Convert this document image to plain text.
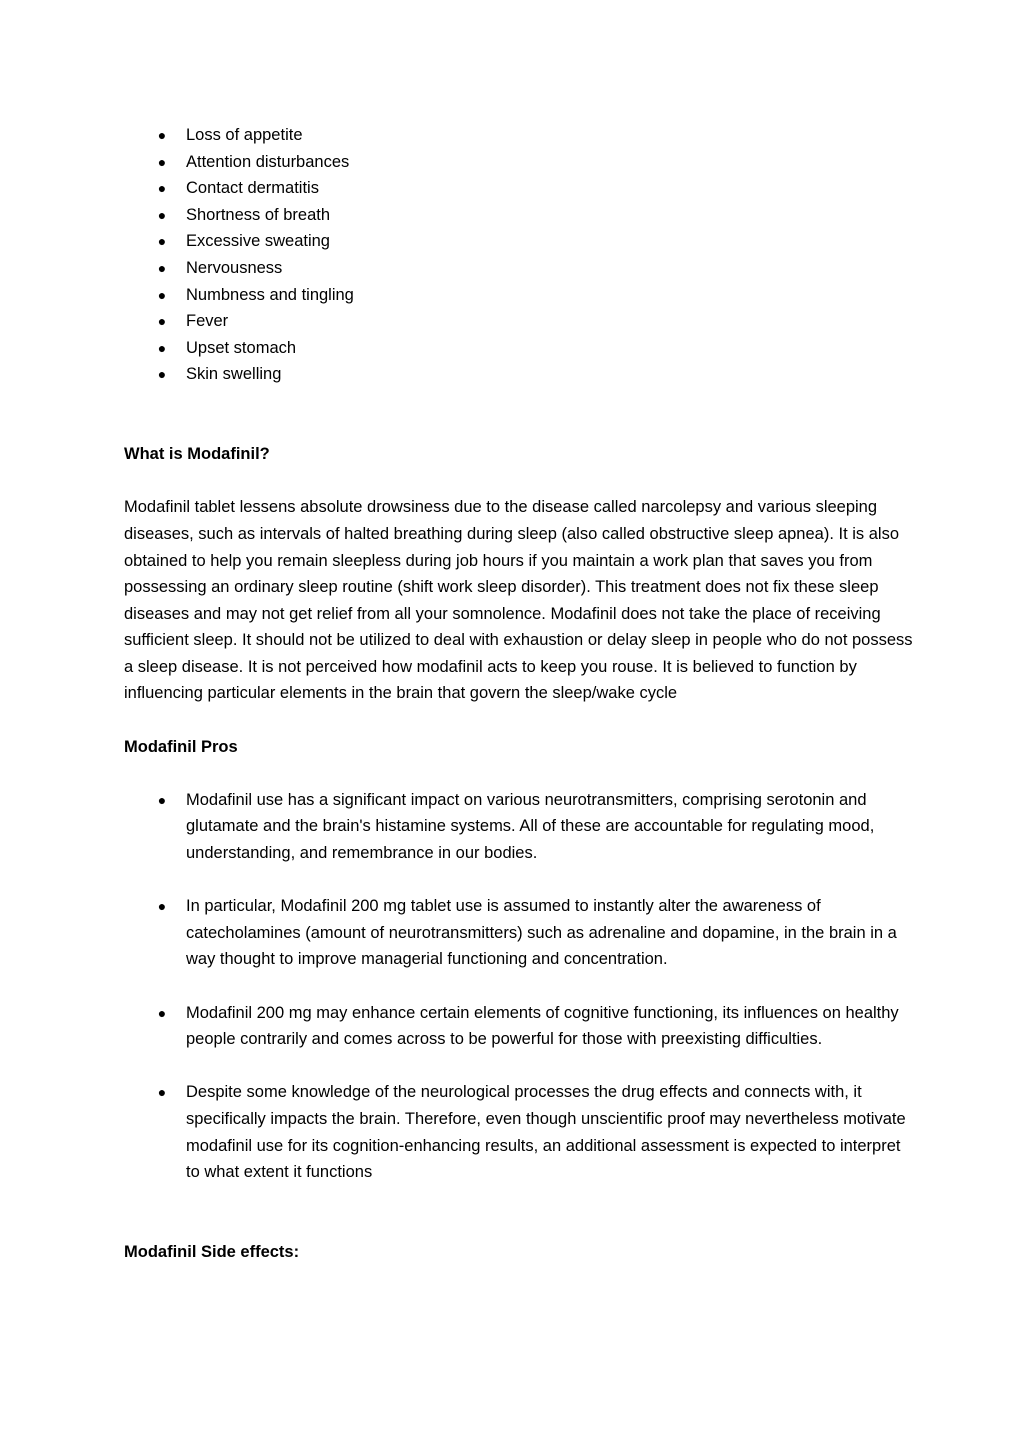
● Loss of appetite
● Attention disturbances
● Contact dermatitis
● Shortness of breath
● Excessive sweating
● Nervousness
● Numbness and tingling
● Fever
● Upset stomach
● Skin swelling
What is Modafinil?

Modafinil tablet lessens absolute drowsiness due to the disease called narcolepsy and various sleeping diseases, such as intervals of halted breathing during sleep (also called obstructive sleep apnea). It is also obtained to help you remain sleepless during job hours if you maintain a work plan that saves you from possessing an ordinary sleep routine (shift work sleep disorder). This treatment does not fix these sleep diseases and may not get relief from all your somnolence. Modafinil does not take the place of receiving sufficient sleep. It should not be utilized to deal with exhaustion or delay sleep in people who do not possess a sleep disease. It is not perceived how modafinil acts to keep you rouse. It is believed to function by influencing particular elements in the brain that govern the sleep/wake cycle

Modafinil Pros
● Modafinil use has a significant impact on various neurotransmitters, comprising serotonin and glutamate and the brain's histamine systems. All of these are accountable for regulating mood, understanding, and remembrance in our bodies.
● In particular, Modafinil 200 mg tablet use is assumed to instantly alter the awareness of catecholamines (amount of neurotransmitters) such as adrenaline and dopamine, in the brain in a way thought to improve managerial functioning and concentration.
● Modafinil 200 mg may enhance certain elements of cognitive functioning, its influences on healthy people contrarily and comes across to be powerful for those with preexisting difficulties.
● Despite some knowledge of the neurological processes the drug effects and connects with, it specifically impacts the brain. Therefore, even though unscientific proof may nevertheless motivate modafinil use for its cognition-enhancing results, an additional assessment is expected to interpret to what extent it functions
Modafinil Side effects:
